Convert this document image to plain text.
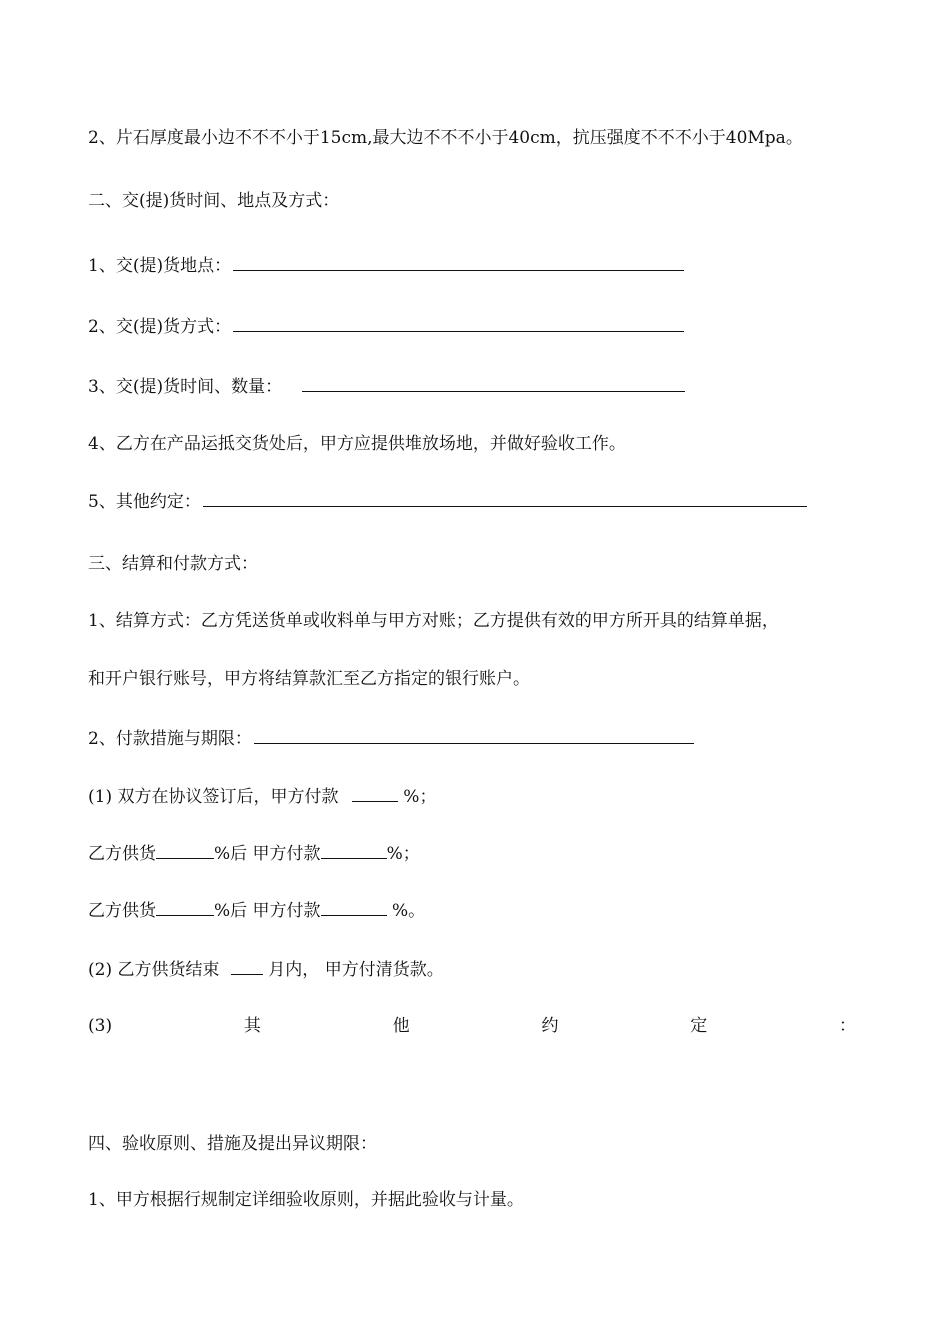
2、片石厚度最小边不不不小于15cm,最大边不不不小于40cm，抗压强度不不不小于40Mpa。
二、交(提)货时间、地点及方式：
1、交(提)货地点：
2、交(提)货方式：
3、交(提)货时间、数量：
4、乙方在产品运抵交货处后，甲方应提供堆放场地，并做好验收工作。
5、其他约定：
三、结算和付款方式：
1、结算方式：乙方凭送货单或收料单与甲方对账；乙方提供有效的甲方所开具的结算单据，
和开户银行账号，甲方将结算款汇至乙方指定的银行账户。
2、付款措施与期限：
(1) 双方在协议签订后，甲方付款	%；
乙方供货	%后 甲方付款	%；
乙方供货	%后 甲方付款	%。
(2) 乙方供货结束  月内， 甲方付清货款。
(3)	其	他	约	定	：
四、验收原则、措施及提出异议期限：
1、甲方根据行规制定详细验收原则，并据此验收与计量。
